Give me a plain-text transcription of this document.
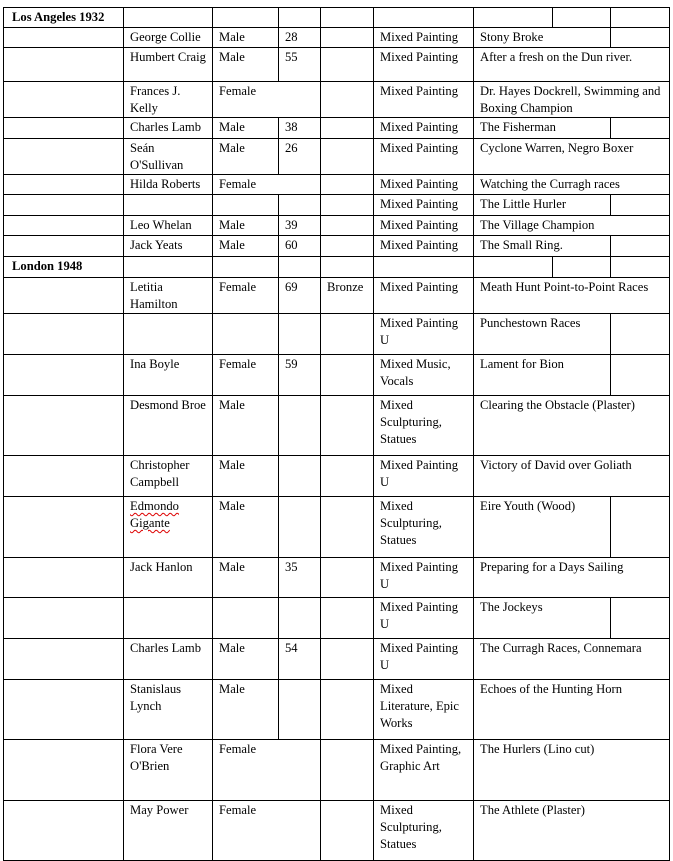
Los Angeles 1932								
	George Collie	Male	28		Mixed Painting	Stony Broke		
	Humbert Craig	Male	55		Mixed Painting	After a fresh on the Dun river.		
	Frances J. Kelly	Female			Mixed Painting	Dr. Hayes Dockrell, Swimming and Boxing Champion		
	Charles Lamb	Male	38		Mixed Painting	The Fisherman		
	Seán O'Sullivan	Male	26		Mixed Painting	Cyclone Warren, Negro Boxer		
	Hilda Roberts	Female			Mixed Painting	Watching the Curragh races		
					Mixed Painting	The Little Hurler		
	Leo Whelan	Male	39		Mixed Painting	The Village Champion		
	Jack Yeats	Male	60		Mixed Painting	The Small Ring.		
London 1948								
	Letitia Hamilton	Female	69	Bronze	Mixed Painting	Meath Hunt Point-to-Point Races		
					Mixed Painting U	Punchestown Races		
	Ina Boyle	Female	59		Mixed Music, Vocals	Lament for Bion		
	Desmond Broe	Male			Mixed Sculpturing, Statues	Clearing the Obstacle (Plaster)		
	Christopher Campbell	Male			Mixed Painting U	Victory of David over Goliath		
	Edmondo Gigante	Male			Mixed Sculpturing, Statues	Eire Youth (Wood)		
	Jack Hanlon	Male	35		Mixed Painting U	Preparing for a Days Sailing		
					Mixed Painting U	The Jockeys		
	Charles Lamb	Male	54		Mixed Painting U	The Curragh Races, Connemara		
	Stanislaus Lynch	Male			Mixed Literature, Epic Works	Echoes of the Hunting Horn		
	Flora Vere O'Brien	Female			Mixed Painting, Graphic Art	The Hurlers (Lino cut)		
	May Power	Female			Mixed Sculpturing, Statues	The Athlete (Plaster)		
